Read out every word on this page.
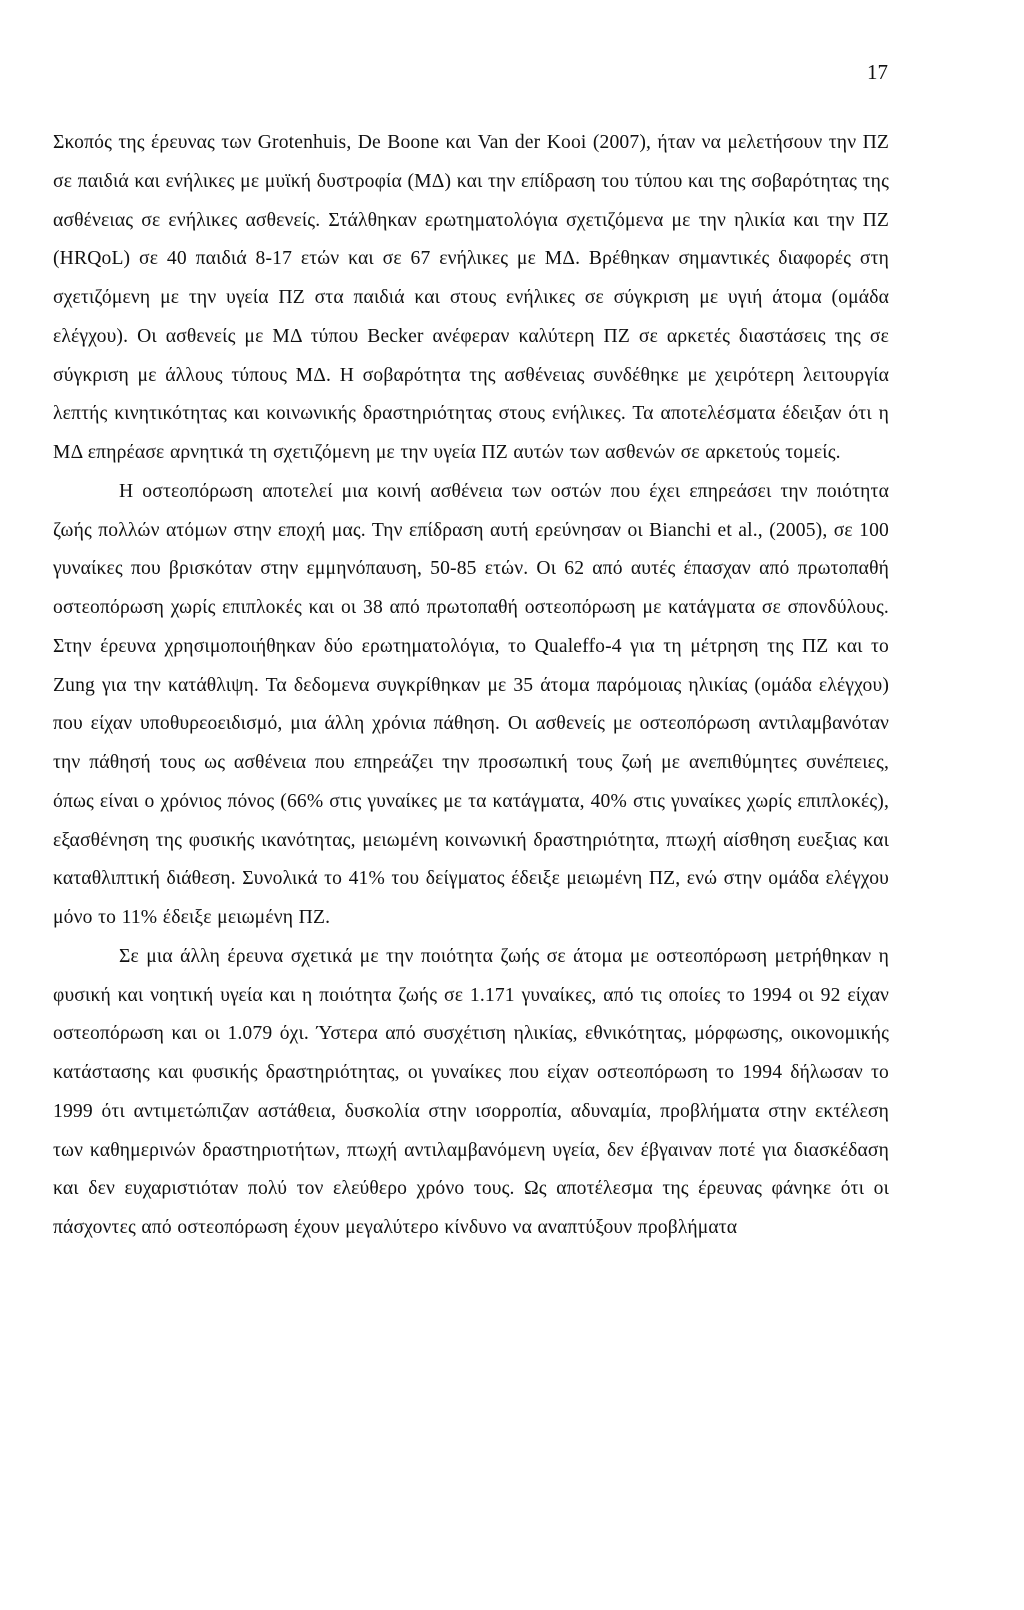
17

Σκοπός της έρευνας των Grotenhuis, De Boone και Van der Kooi (2007), ήταν να μελετήσουν την ΠΖ σε παιδιά και ενήλικες με μυϊκή δυστροφία (ΜΔ) και την επίδραση του τύπου και της σοβαρότητας της ασθένειας σε ενήλικες ασθενείς. Στάλθηκαν ερωτηματολόγια σχετιζόμενα με την ηλικία και την ΠΖ (HRQoL) σε 40 παιδιά 8-17 ετών και σε 67 ενήλικες με ΜΔ. Βρέθηκαν σημαντικές διαφορές στη σχετιζόμενη με την υγεία ΠΖ στα παιδιά και στους ενήλικες σε σύγκριση με υγιή άτομα (ομάδα ελέγχου). Οι ασθενείς με ΜΔ τύπου Becker ανέφεραν καλύτερη ΠΖ σε αρκετές διαστάσεις της σε σύγκριση με άλλους τύπους ΜΔ. Η σοβαρότητα της ασθένειας συνδέθηκε με χειρότερη λειτουργία λεπτής κινητικότητας και κοινωνικής δραστηριότητας στους ενήλικες. Τα αποτελέσματα έδειξαν ότι η ΜΔ επηρέασε αρνητικά τη σχετιζόμενη με την υγεία ΠΖ αυτών των ασθενών σε αρκετούς τομείς.

Η οστεοπόρωση αποτελεί μια κοινή ασθένεια των οστών που έχει επηρεάσει την ποιότητα ζωής πολλών ατόμων στην εποχή μας. Την επίδραση αυτή ερεύνησαν οι Bianchi et al., (2005), σε 100 γυναίκες που βρισκόταν στην εμμηνόπαυση, 50-85 ετών. Οι 62 από αυτές έπασχαν από πρωτοπαθή οστεοπόρωση χωρίς επιπλοκές και οι 38 από πρωτοπαθή οστεοπόρωση με κατάγματα σε σπονδύλους. Στην έρευνα χρησιμοποιήθηκαν δύο ερωτηματολόγια, το Qualeffo-4 για τη μέτρηση της ΠΖ και το Zung για την κατάθλιψη. Τα δεδομενα συγκρίθηκαν με 35 άτομα παρόμοιας ηλικίας (ομάδα ελέγχου) που είχαν υποθυρεοειδισμό, μια άλλη χρόνια πάθηση. Οι ασθενείς με οστεοπόρωση αντιλαμβανόταν την πάθησή τους ως ασθένεια που επηρεάζει την προσωπική τους ζωή με ανεπιθύμητες συνέπειες, όπως είναι ο χρόνιος πόνος (66% στις γυναίκες με τα κατάγματα, 40% στις γυναίκες χωρίς επιπλοκές), εξασθένηση της φυσικής ικανότητας, μειωμένη κοινωνική δραστηριότητα, πτωχή αίσθηση ευεξιας και καταθλιπτική διάθεση. Συνολικά το 41% του δείγματος έδειξε μειωμένη ΠΖ, ενώ στην ομάδα ελέγχου μόνο το 11% έδειξε μειωμένη ΠΖ.

Σε μια άλλη έρευνα σχετικά με την ποιότητα ζωής σε άτομα με οστεοπόρωση μετρήθηκαν η φυσική και νοητική υγεία και η ποιότητα ζωής σε 1.171 γυναίκες, από τις οποίες το 1994 οι 92 είχαν οστεοπόρωση και οι 1.079 όχι. Ύστερα από συσχέτιση ηλικίας, εθνικότητας, μόρφωσης, οικονομικής κατάστασης και φυσικής δραστηριότητας, οι γυναίκες που είχαν οστεοπόρωση το 1994 δήλωσαν το 1999 ότι αντιμετώπιζαν αστάθεια, δυσκολία στην ισορροπία, αδυναμία, προβλήματα στην εκτέλεση των καθημερινών δραστηριοτήτων, πτωχή αντιλαμβανόμενη υγεία, δεν έβγαιναν ποτέ για διασκέδαση και δεν ευχαριστιόταν πολύ τον ελεύθερο χρόνο τους. Ως αποτέλεσμα της έρευνας φάνηκε ότι οι πάσχοντες από οστεοπόρωση έχουν μεγαλύτερο κίνδυνο να αναπτύξουν προβλήματα
